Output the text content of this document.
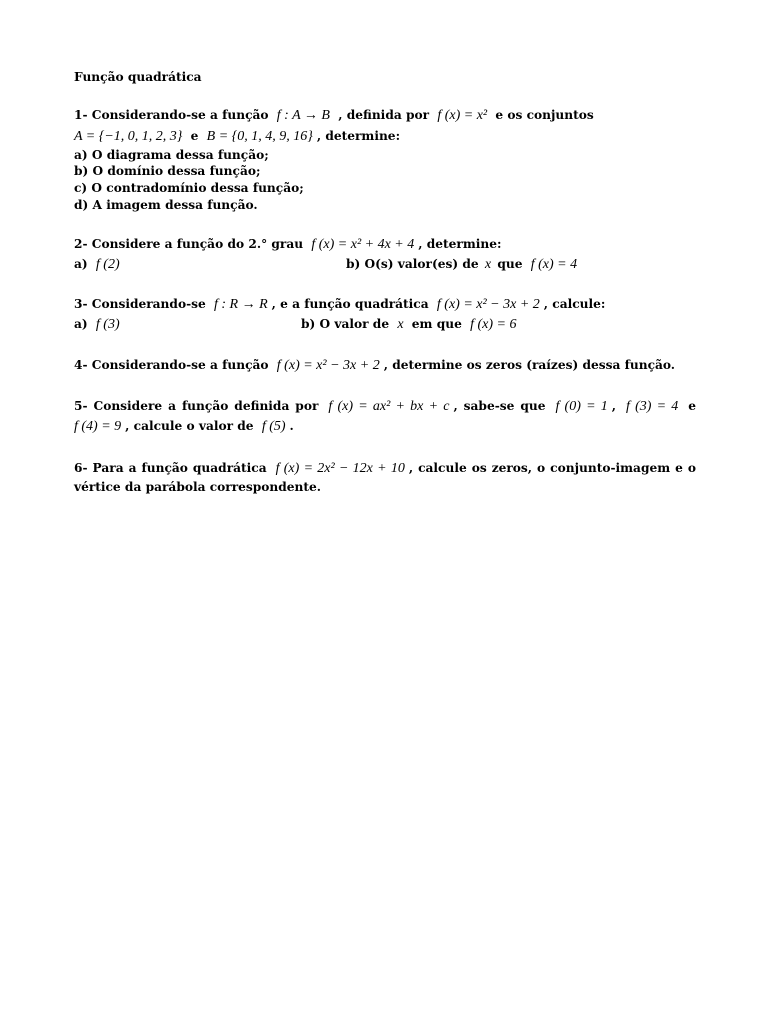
Função quadrática
1- Considerando-se a função f : A → B , definida por f (x) = x² e os conjuntos
A = {−1, 0, 1, 2, 3} e B = {0, 1, 4, 9, 16} , determine:
a) O diagrama dessa função;
b) O domínio dessa função;
c) O contradomínio dessa função;
d) A imagem dessa função.
2- Considere a função do 2.° grau f (x) = x² + 4x + 4 , determine:
a) f (2)	b) O(s) valor(es) de x que f (x) = 4
3- Considerando-se f : R → R , e a função quadrática f (x) = x² − 3x + 2 , calcule:
a) f (3)	b) O valor de x em que f (x) = 6
4- Considerando-se a função f (x) = x² − 3x + 2 , determine os zeros (raízes) dessa função.
5- Considere a função definida por f (x) = ax² + bx + c , sabe-se que f (0) = 1 , f (3) = 4 e
f (4) = 9 , calcule o valor de f (5) .
6- Para a função quadrática f (x) = 2x² − 12x + 10 , calcule os zeros, o conjunto-imagem e o
vértice da parábola correspondente.
